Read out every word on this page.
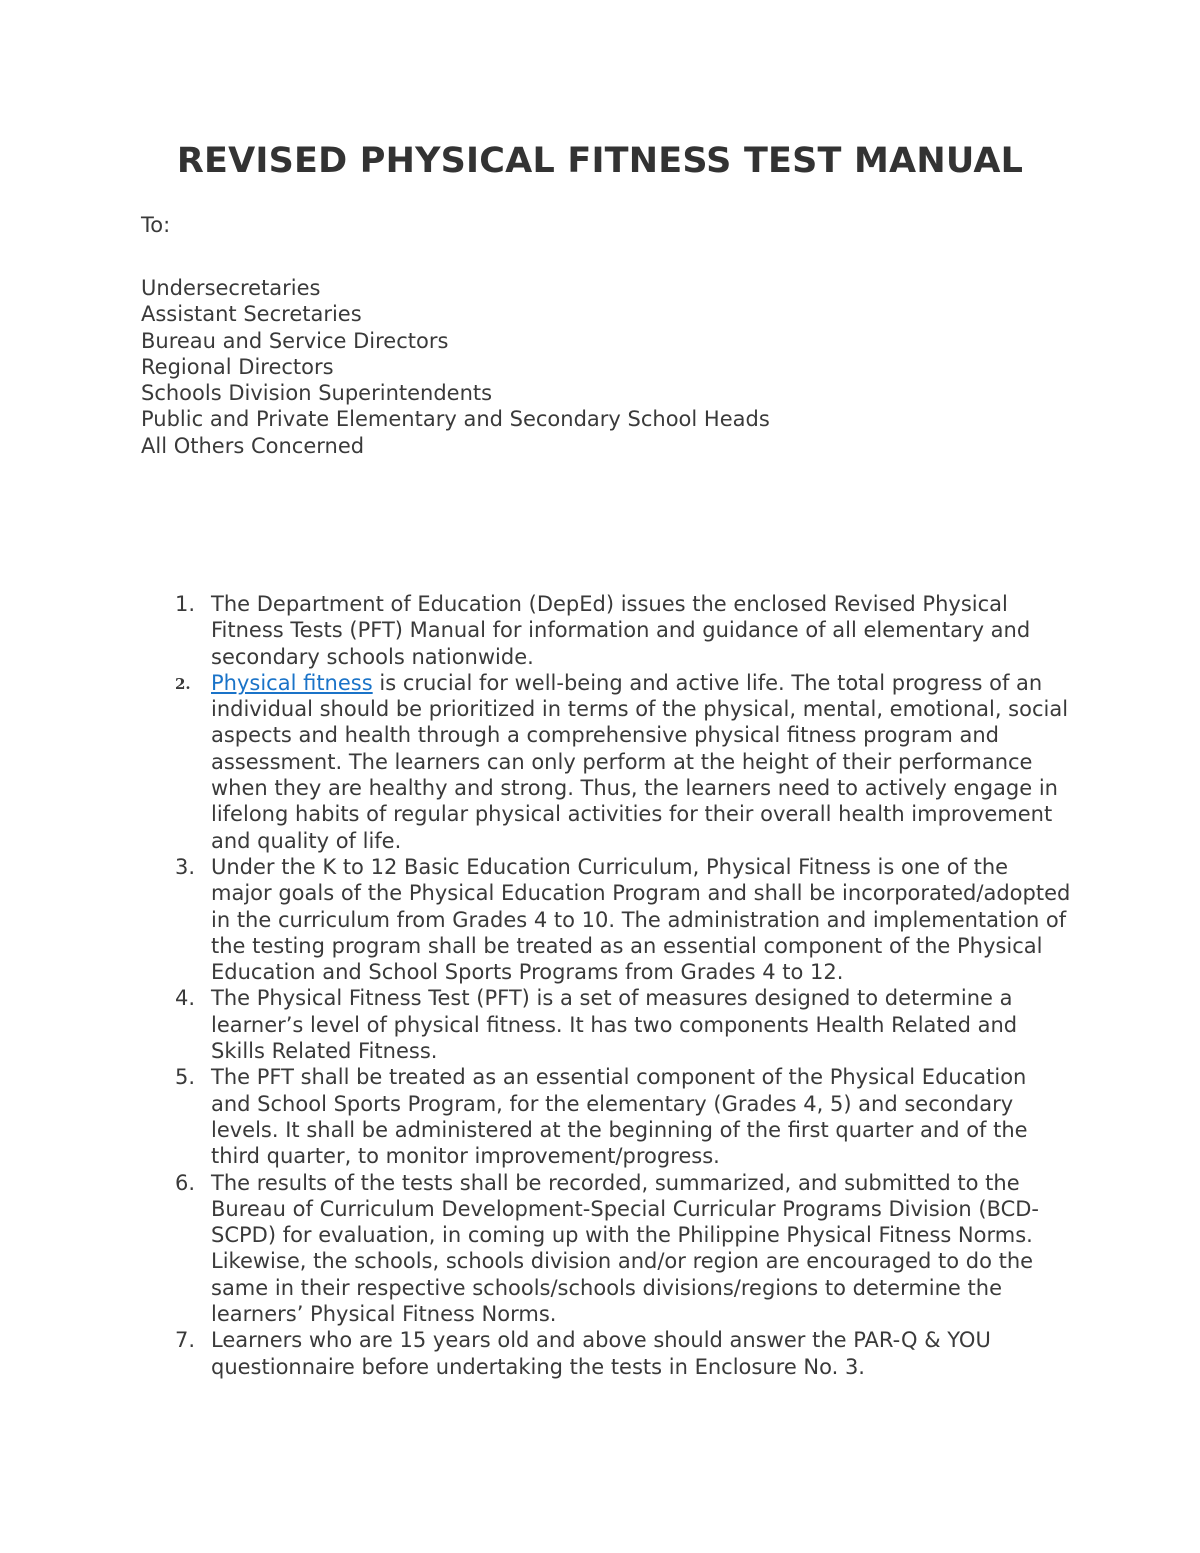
REVISED PHYSICAL FITNESS TEST MANUAL
To:
Undersecretaries
Assistant Secretaries
Bureau and Service Directors
Regional Directors
Schools Division Superintendents
Public and Private Elementary and Secondary School Heads
All Others Concerned
1. The Department of Education (DepEd) issues the enclosed Revised Physical Fitness Tests (PFT) Manual for information and guidance of all elementary and secondary schools nationwide.
2. Physical fitness is crucial for well-being and active life. The total progress of an individual should be prioritized in terms of the physical, mental, emotional, social aspects and health through a comprehensive physical fitness program and assessment. The learners can only perform at the height of their performance when they are healthy and strong. Thus, the learners need to actively engage in lifelong habits of regular physical activities for their overall health improvement and quality of life.
3. Under the K to 12 Basic Education Curriculum, Physical Fitness is one of the major goals of the Physical Education Program and shall be incorporated/adopted in the curriculum from Grades 4 to 10. The administration and implementation of the testing program shall be treated as an essential component of the Physical Education and School Sports Programs from Grades 4 to 12.
4. The Physical Fitness Test (PFT) is a set of measures designed to determine a learner’s level of physical fitness. It has two components Health Related and Skills Related Fitness.
5. The PFT shall be treated as an essential component of the Physical Education and School Sports Program, for the elementary (Grades 4, 5) and secondary levels. It shall be administered at the beginning of the first quarter and of the third quarter, to monitor improvement/progress.
6. The results of the tests shall be recorded, summarized, and submitted to the Bureau of Curriculum Development-Special Curricular Programs Division (BCD-SCPD) for evaluation, in coming up with the Philippine Physical Fitness Norms. Likewise, the schools, schools division and/or region are encouraged to do the same in their respective schools/schools divisions/regions to determine the learners’ Physical Fitness Norms.
7. Learners who are 15 years old and above should answer the PAR-Q & YOU questionnaire before undertaking the tests in Enclosure No. 3.
